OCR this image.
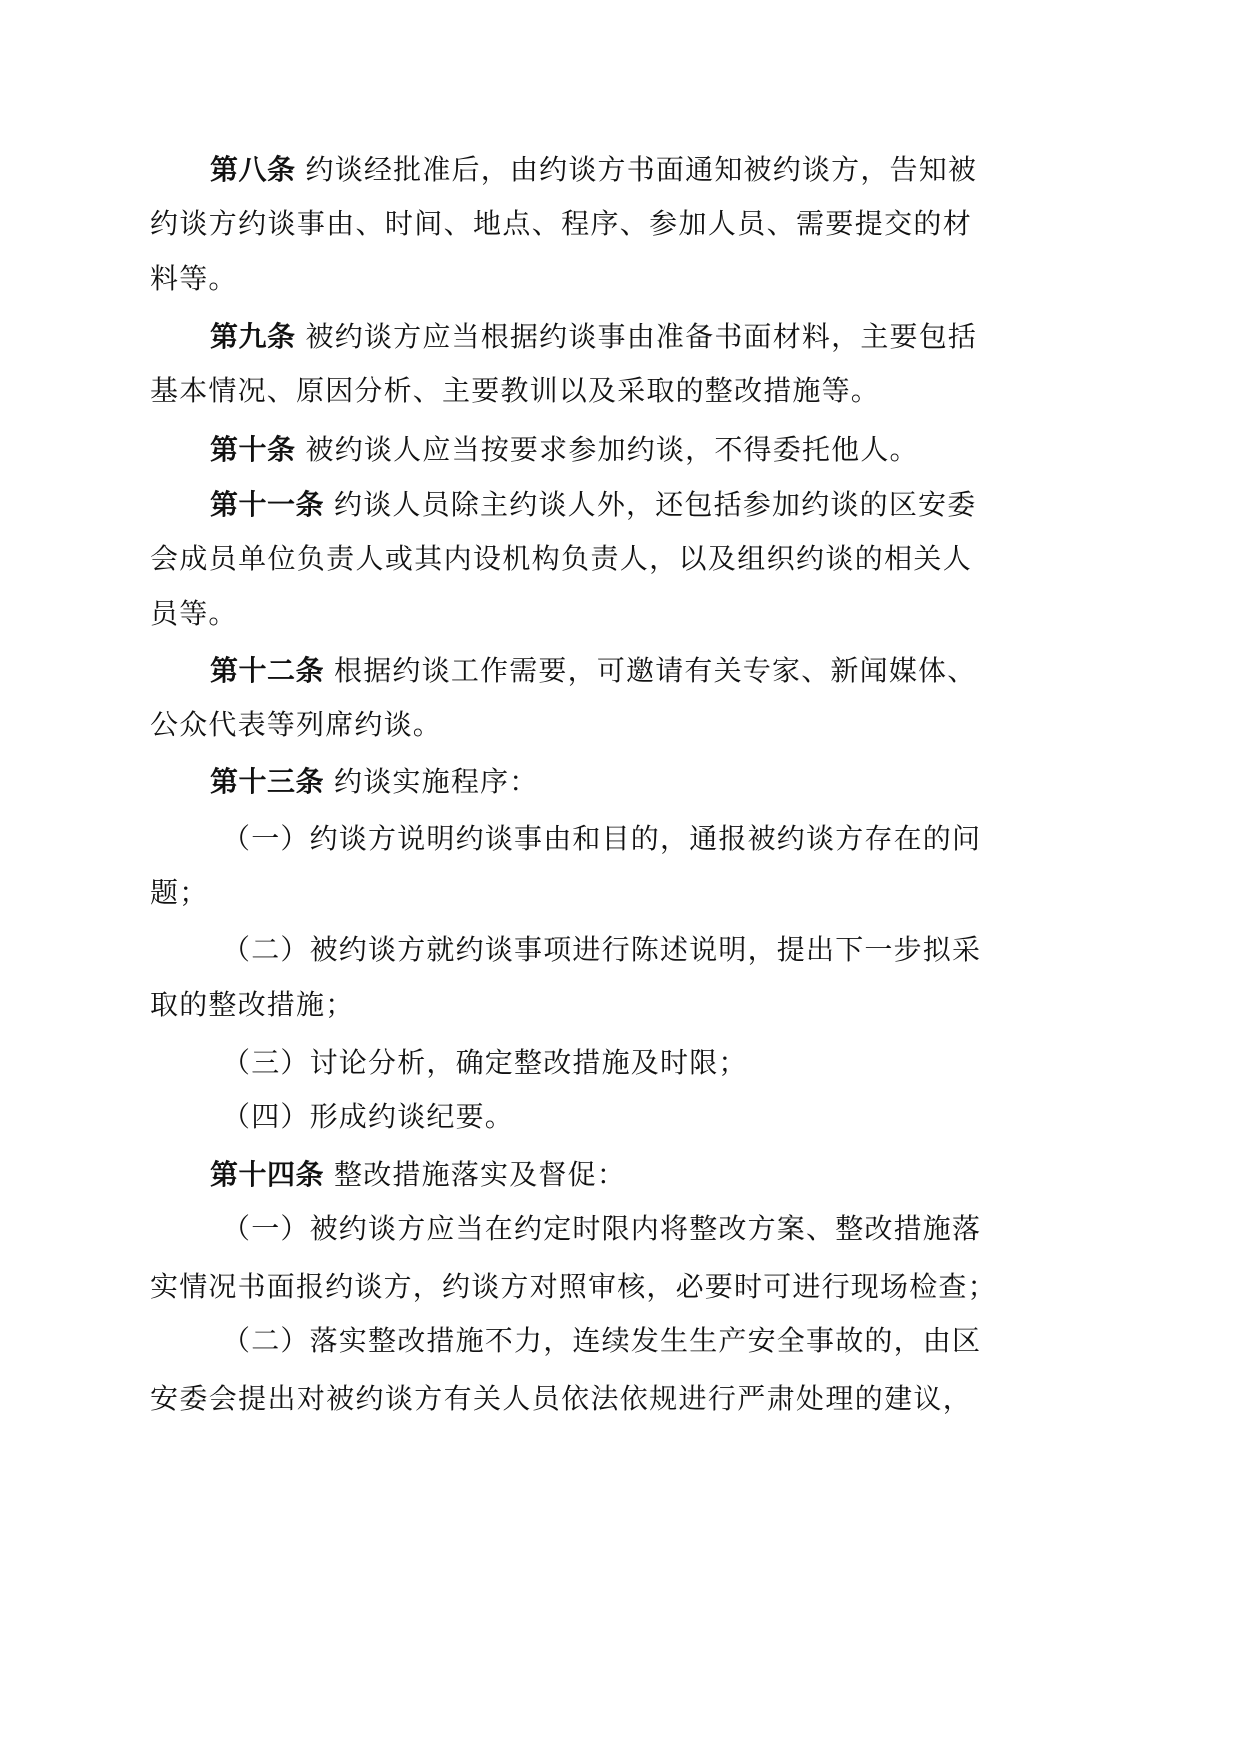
第八条 约谈经批准后，由约谈方书面通知被约谈方，告知被
约谈方约谈事由、时间、地点、程序、参加人员、需要提交的材
料等。
第九条 被约谈方应当根据约谈事由准备书面材料，主要包括
基本情况、原因分析、主要教训以及采取的整改措施等。
第十条 被约谈人应当按要求参加约谈，不得委托他人。
第十一条 约谈人员除主约谈人外，还包括参加约谈的区安委
会成员单位负责人或其内设机构负责人，以及组织约谈的相关人
员等。
第十二条 根据约谈工作需要，可邀请有关专家、新闻媒体、
公众代表等列席约谈。
第十三条 约谈实施程序：
（一）约谈方说明约谈事由和目的，通报被约谈方存在的问
题；
（二）被约谈方就约谈事项进行陈述说明，提出下一步拟采
取的整改措施；
（三）讨论分析，确定整改措施及时限；
（四）形成约谈纪要。
第十四条 整改措施落实及督促：
（一）被约谈方应当在约定时限内将整改方案、整改措施落
实情况书面报约谈方，约谈方对照审核，必要时可进行现场检查；
（二）落实整改措施不力，连续发生生产安全事故的，由区
安委会提出对被约谈方有关人员依法依规进行严肃处理的建议，
